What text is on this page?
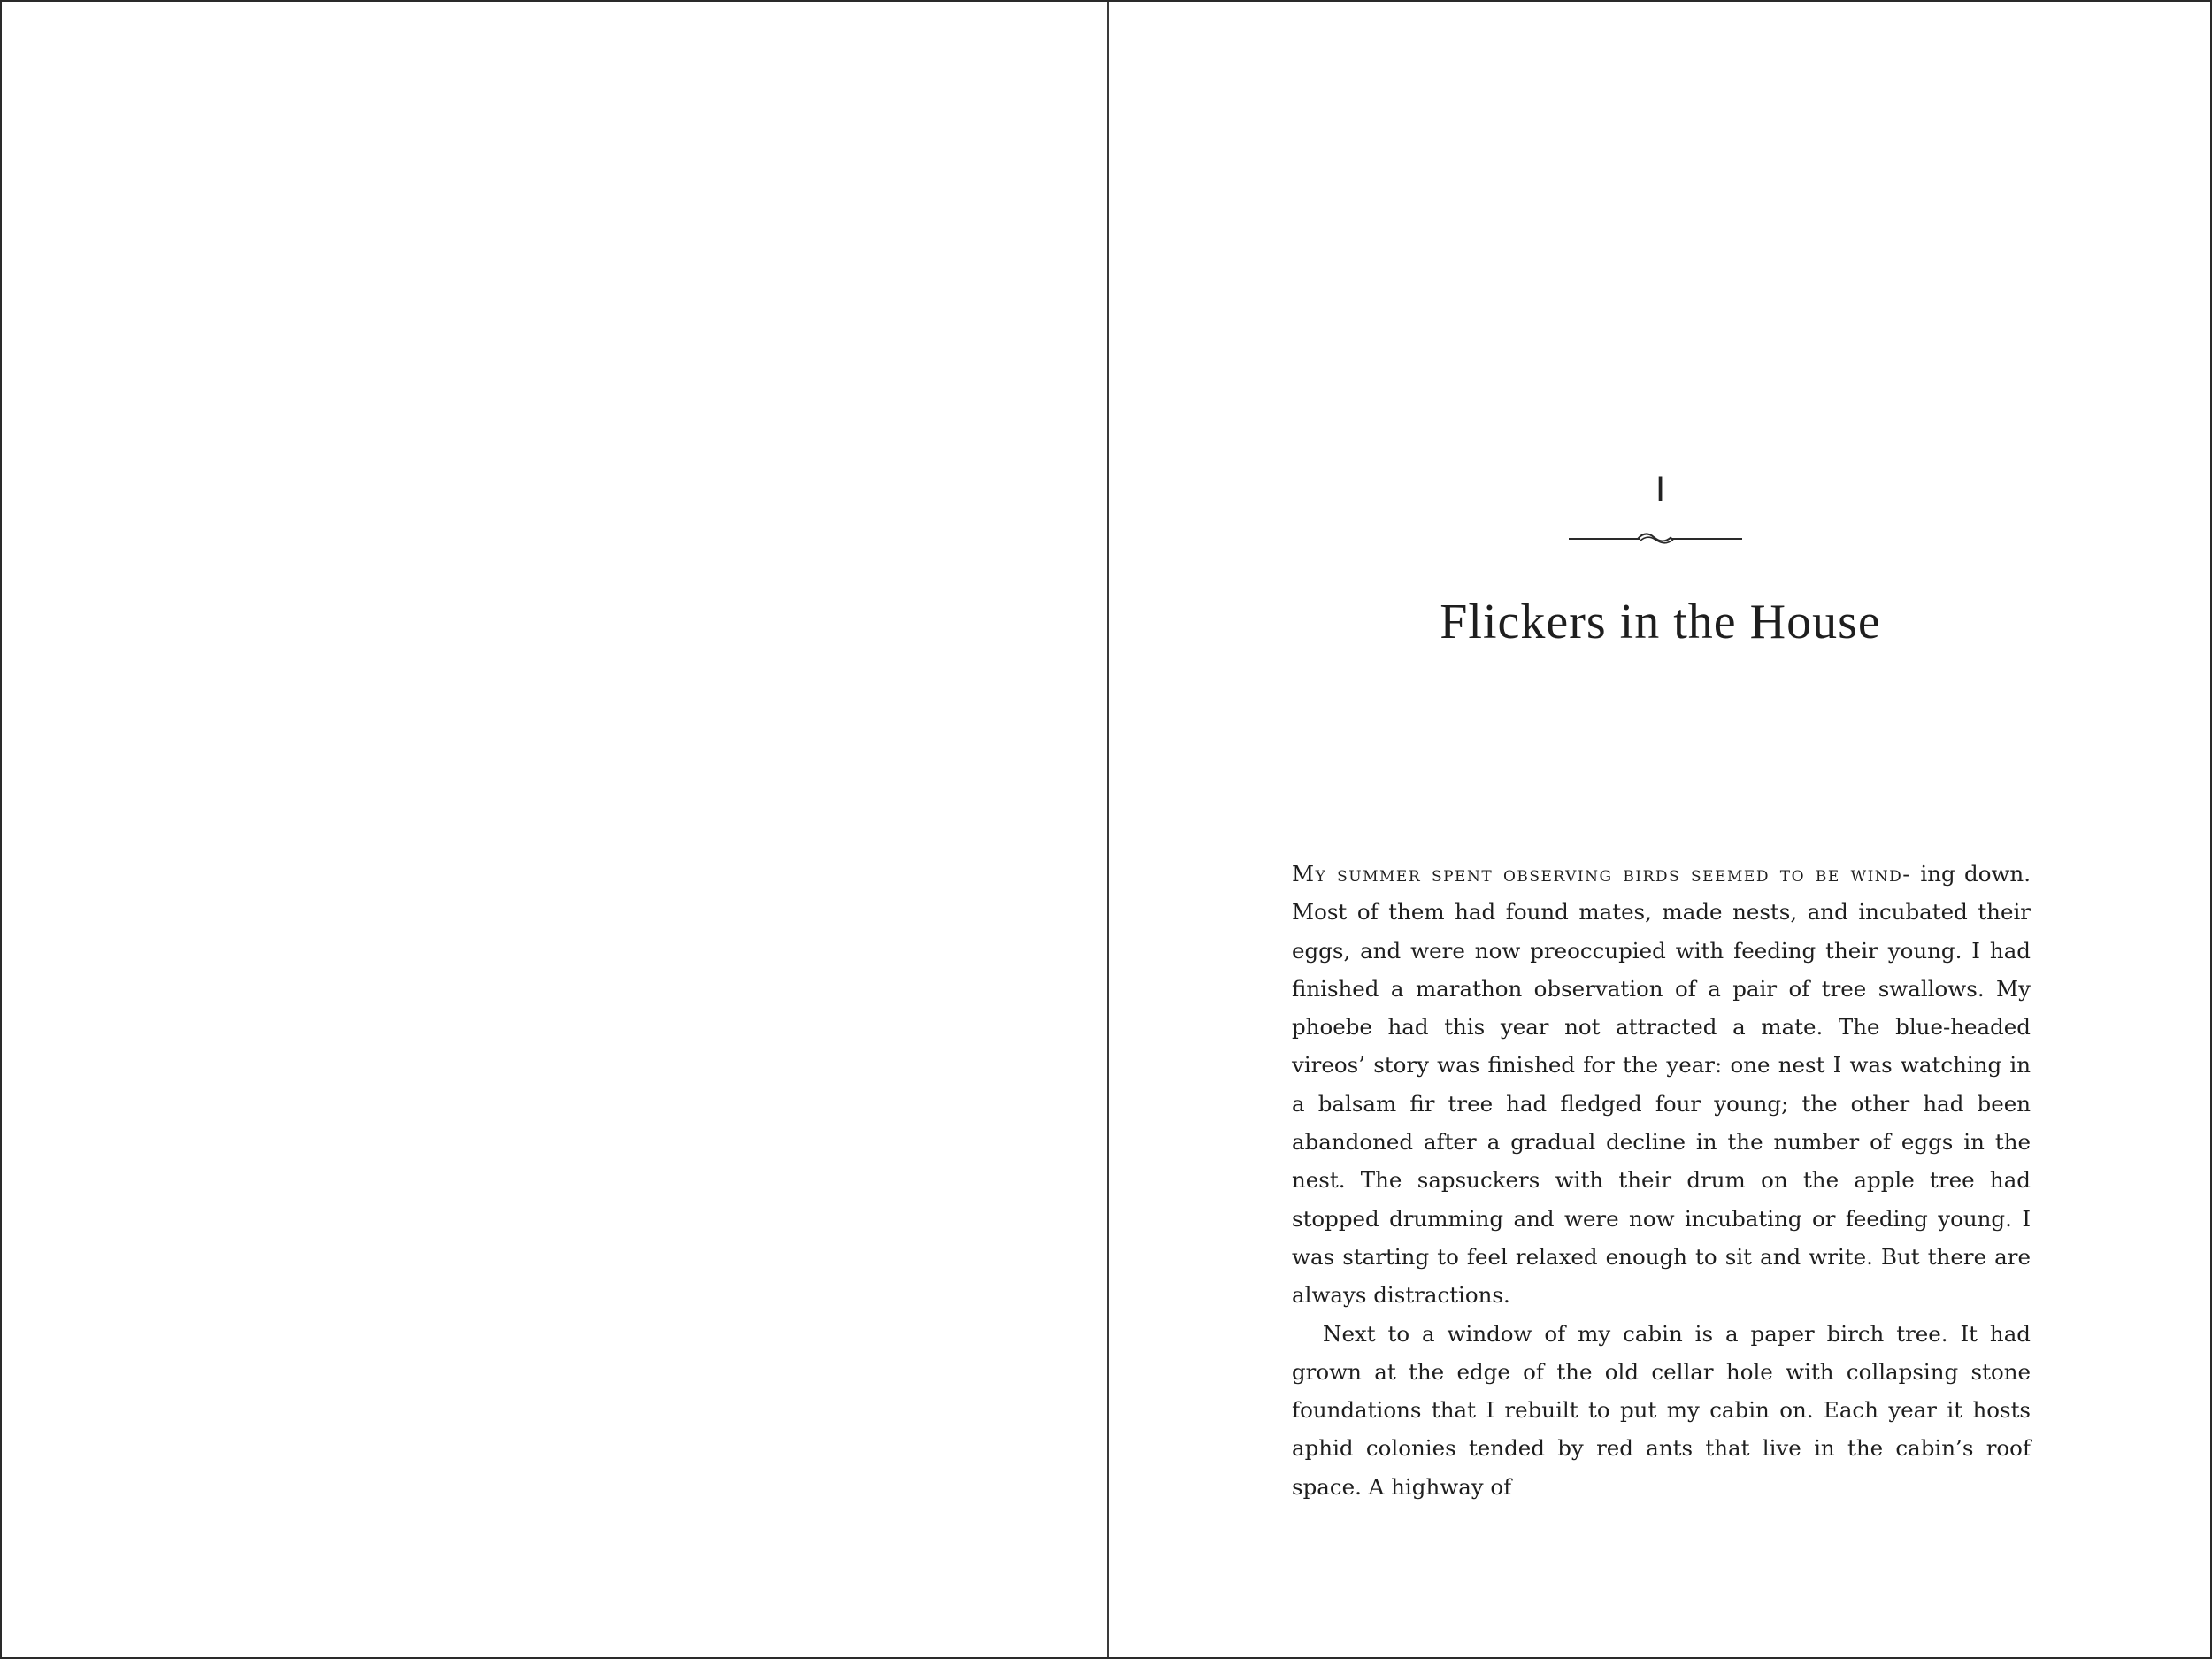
I
Flickers in the House

My summer spent observing birds seemed to be wind- ing down. Most of them had found mates, made nests, and incubated their eggs, and were now preoccupied with feeding their young. I had finished a marathon observation of a pair of tree swallows. My phoebe had this year not attracted a mate. The blue-headed vireos’ story was finished for the year: one nest I was watching in a balsam fir tree had fledged four young; the other had been abandoned after a gradual decline in the number of eggs in the nest. The sapsuckers with their drum on the apple tree had stopped drumming and were now incubating or feeding young. I was starting to feel relaxed enough to sit and write. But there are always distractions.

Next to a window of my cabin is a paper birch tree. It had grown at the edge of the old cellar hole with collapsing stone foundations that I rebuilt to put my cabin on. Each year it hosts aphid colonies tended by red ants that live in the cabin’s roof space. A highway of
